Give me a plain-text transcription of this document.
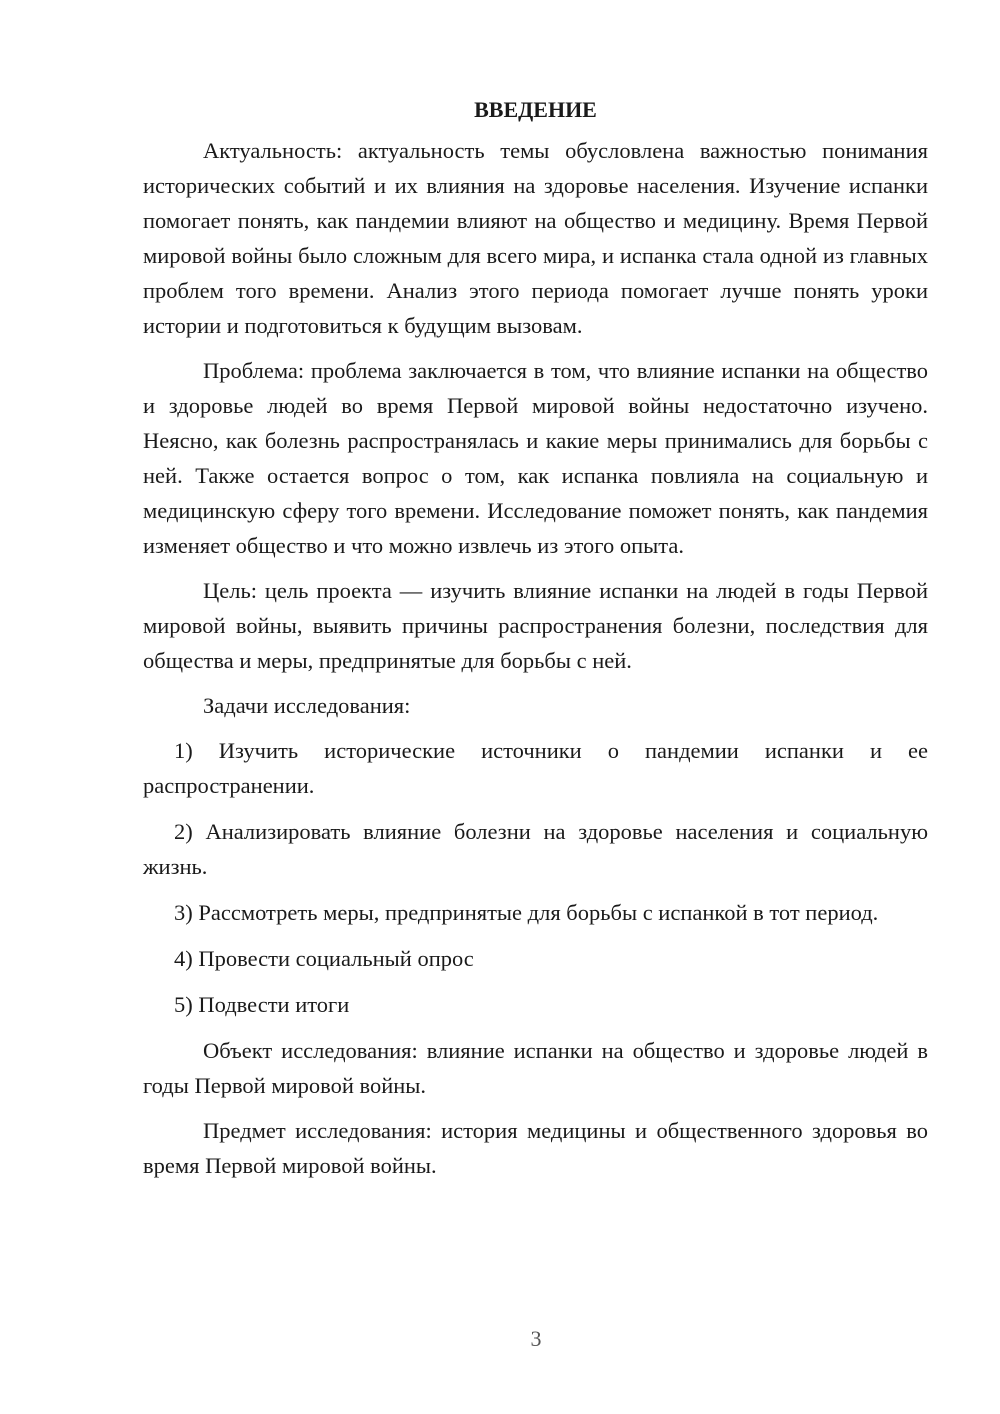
ВВЕДЕНИЕ

Актуальность: актуальность темы обусловлена важностью понимания исторических событий и их влияния на здоровье населения. Изучение испанки помогает понять, как пандемии влияют на общество и медицину. Время Первой мировой войны было сложным для всего мира, и испанка стала одной из главных проблем того времени. Анализ этого периода помогает лучше понять уроки истории и подготовиться к будущим вызовам.

Проблема: проблема заключается в том, что влияние испанки на общество и здоровье людей во время Первой мировой войны недостаточно изучено. Неясно, как болезнь распространялась и какие меры принимались для борьбы с ней. Также остается вопрос о том, как испанка повлияла на социальную и медицинскую сферу того времени. Исследование поможет понять, как пандемия изменяет общество и что можно извлечь из этого опыта.

Цель: цель проекта — изучить влияние испанки на людей в годы Первой мировой войны, выявить причины распространения болезни, последствия для общества и меры, предпринятые для борьбы с ней.

Задачи исследования:

1) Изучить исторические источники о пандемии испанки и ее распространении.

2) Анализировать влияние болезни на здоровье населения и социальную жизнь.

3) Рассмотреть меры, предпринятые для борьбы с испанкой в тот период.

4) Провести социальный опрос

5) Подвести итоги

Объект исследования: влияние испанки на общество и здоровье людей в годы Первой мировой войны.

Предмет исследования: история медицины и общественного здоровья во время Первой мировой войны.

3
